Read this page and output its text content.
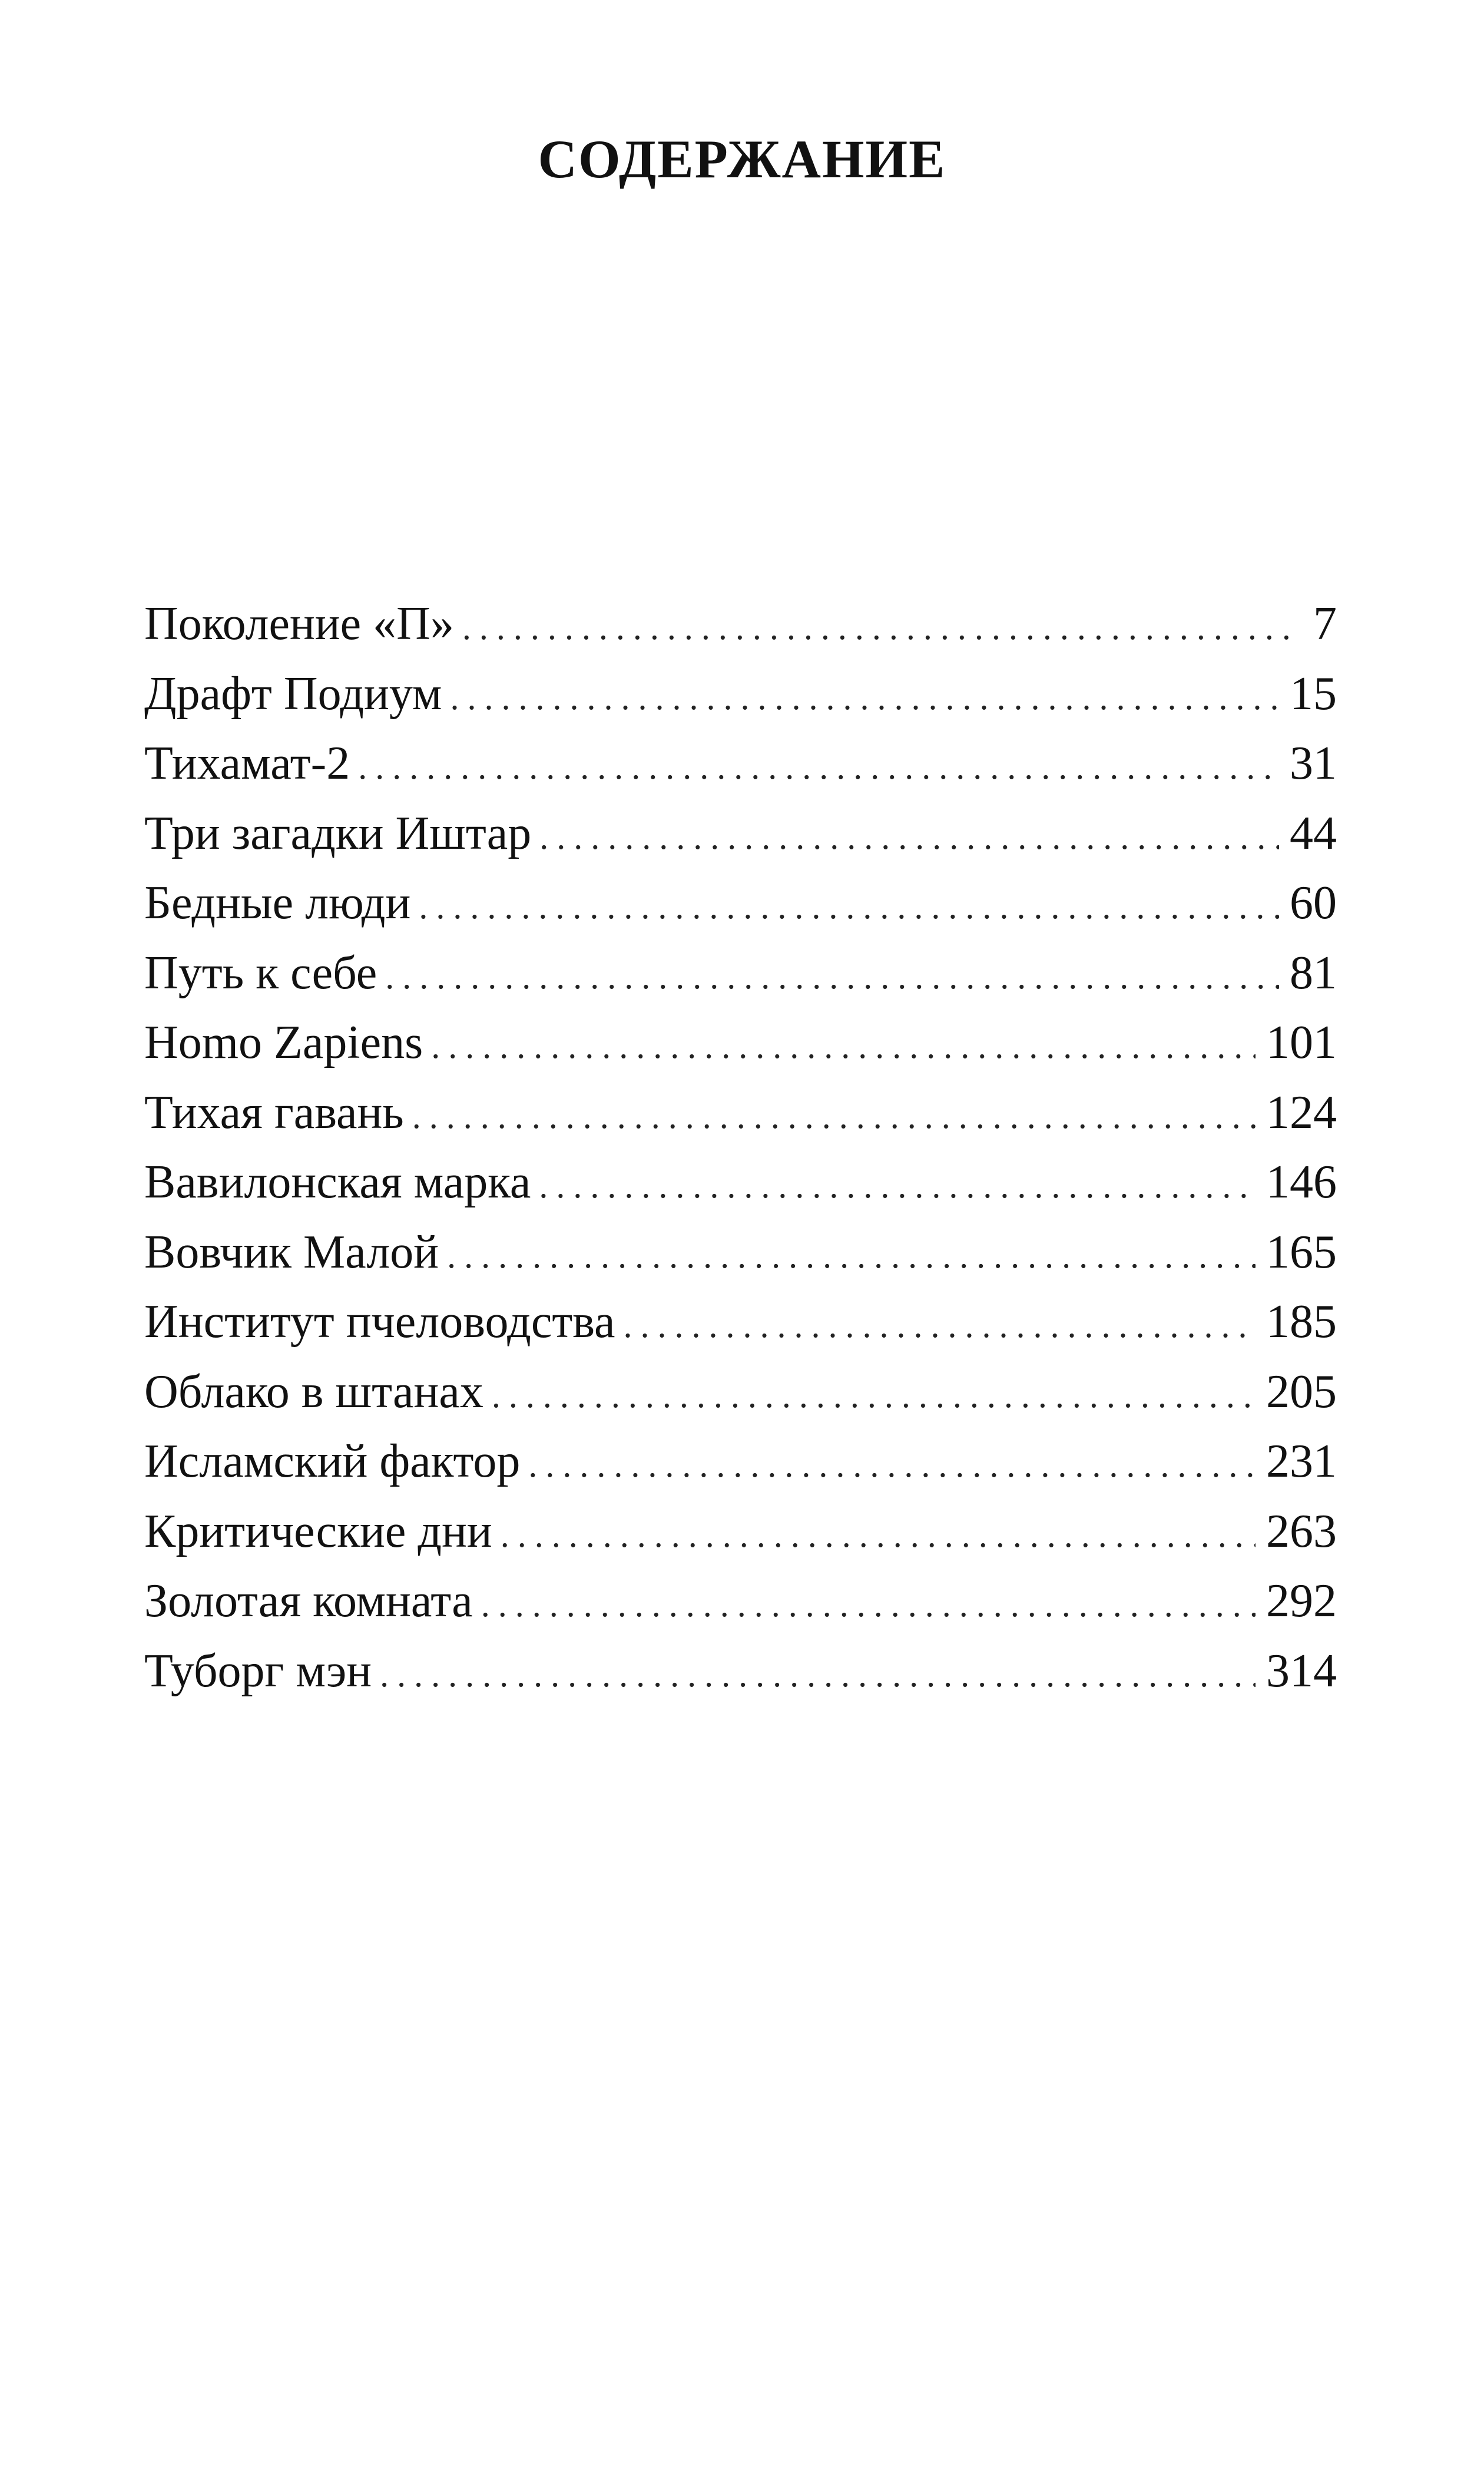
СОДЕРЖАНИЕ
Поколение «П» .....	7
Драфт Подиум .....	15
Тихамат-2 .....	31
Три загадки Иштар .....	44
Бедные люди .....	60
Путь к себе .....	81
Homo Zapiens .....	101
Тихая гавань .....	124
Вавилонская марка .....	146
Вовчик Малой .....	165
Институт пчеловодства .....	185
Облако в штанах .....	205
Исламский фактор .....	231
Критические дни .....	263
Золотая комната .....	292
Туборг мэн .....	314
